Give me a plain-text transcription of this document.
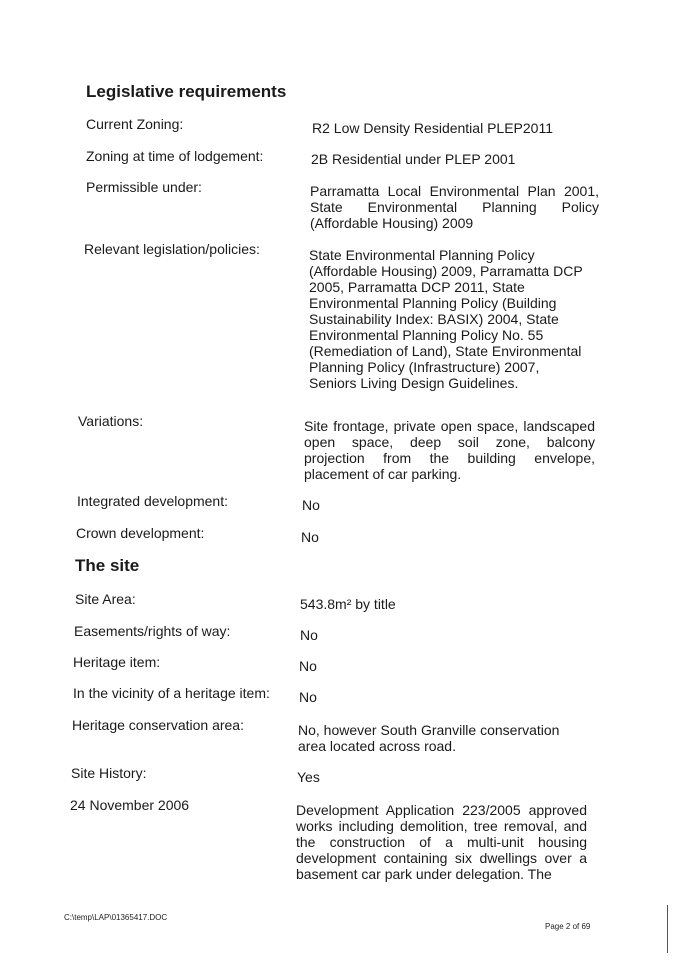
Legislative requirements
Current Zoning:	R2 Low Density Residential PLEP2011
Zoning at time of lodgement:	2B Residential under PLEP 2001
Permissible under:	Parramatta Local Environmental Plan 2001, State Environmental Planning Policy (Affordable Housing) 2009
Relevant legislation/policies:	State Environmental Planning Policy (Affordable Housing) 2009, Parramatta DCP 2005, Parramatta DCP 2011, State Environmental Planning Policy (Building Sustainability Index: BASIX) 2004, State Environmental Planning Policy No. 55 (Remediation of Land), State Environmental Planning Policy (Infrastructure) 2007, Seniors Living Design Guidelines.
Variations:	Site frontage, private open space, landscaped open space, deep soil zone, balcony projection from the building envelope, placement of car parking.
Integrated development:	No
Crown development:	No
The site
Site Area:	543.8m² by title
Easements/rights of way:	No
Heritage item:	No
In the vicinity of a heritage item: No
Heritage conservation area:	No, however South Granville conservation area located across road.
Site History:	Yes
24 November 2006	Development Application 223/2005 approved works including demolition, tree removal, and the construction of a multi-unit housing development containing six dwellings over a basement car park under delegation. The
C:\temp\LAP\01365417.DOC
Page 2 of 69
